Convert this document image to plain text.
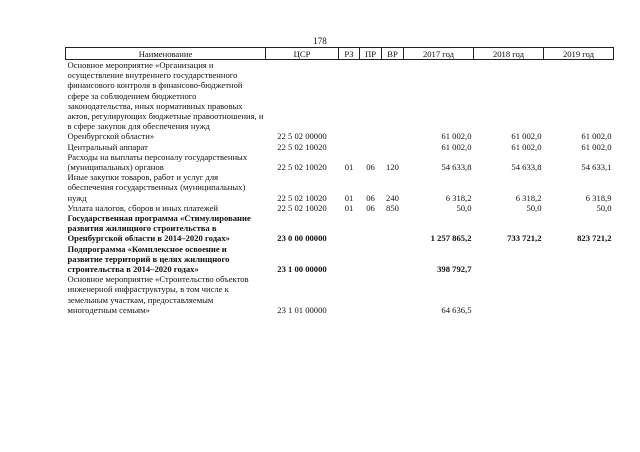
178
Наименование	ЦСР	РЗ	ПР	ВР	2017 год	2018 год	2019 год
Основное мероприятие «Организация и осуществление внутреннего государственного финансового контроля в финансово-бюджетной сфере за соблюдением бюджетного законодательства, иных нормативных правовых актов, регулирующих бюджетные правоотношения, и в сфере закупок для обеспечения нужд Оренбургской области»	22 5 02 00000				61 002,0	61 002,0	61 002,0
Центральный аппарат	22 5 02 10020				61 002,0	61 002,0	61 002,0
Расходы на выплаты персоналу государственных (муниципальных) органов	22 5 02 10020	01	06	120	54 633,8	54 633,8	54 633,1
Иные закупки товаров, работ и услуг для обеспечения государственных (муниципальных) нужд	22 5 02 10020	01	06	240	6 318,2	6 318,2	6 318,9
Уплата налогов, сборов и иных платежей	22 5 02 10020	01	06	850	50,0	50,0	50,0
Государственная программа «Стимулирование развития жилищного строительства в Оренбургской области в 2014–2020 годах»	23 0 00 00000				1 257 865,2	733 721,2	823 721,2
Подпрограмма «Комплексное освоение и развитие территорий в целях жилищного строительства в 2014–2020 годах»	23 1 00 00000				398 792,7		
Основное мероприятие «Строительство объектов инженерной инфраструктуры, в том числе к земельным участкам, предоставляемым многодетным семьям»	23 1 01 00000				64 636,5		
